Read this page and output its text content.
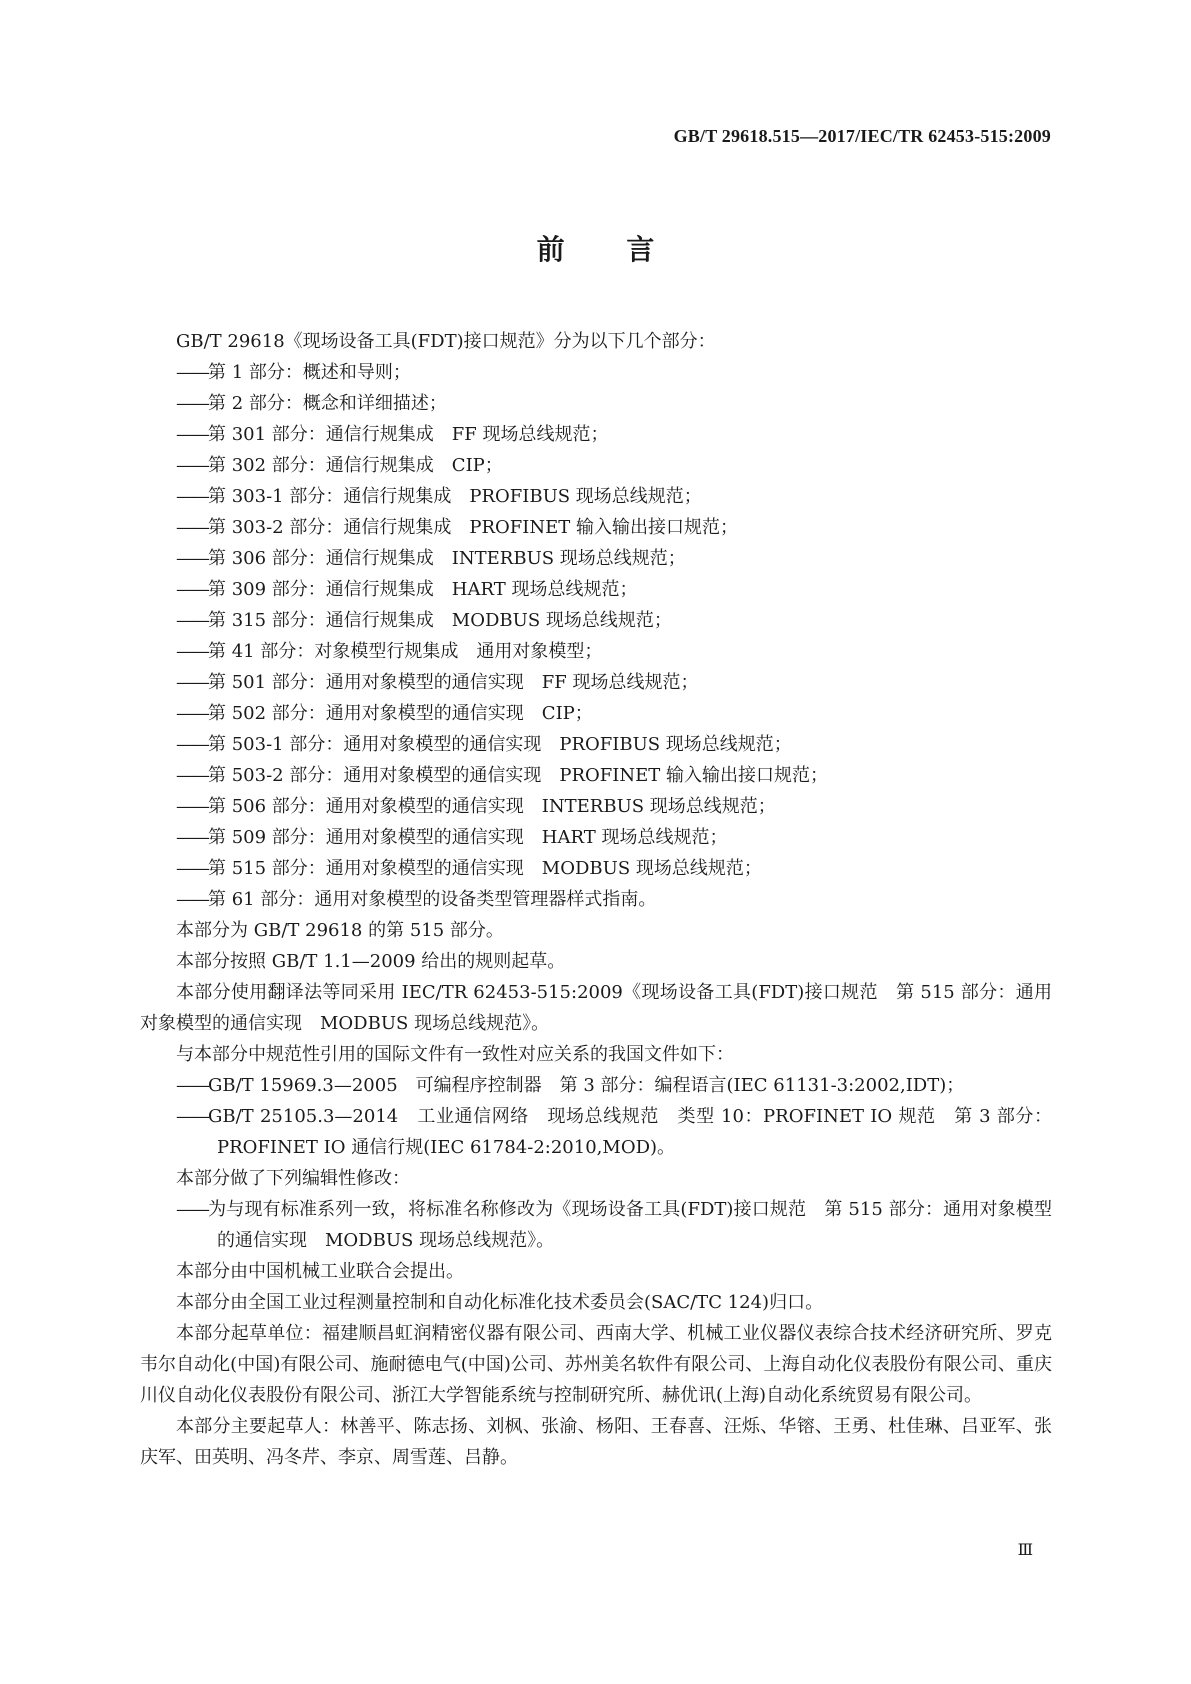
GB/T 29618.515—2017/IEC/TR 62453-515:2009
前 言
GB/T 29618《现场设备工具(FDT)接口规范》分为以下几个部分：
——第 1 部分：概述和导则；
——第 2 部分：概念和详细描述；
——第 301 部分：通信行规集成　FF 现场总线规范；
——第 302 部分：通信行规集成　CIP；
——第 303-1 部分：通信行规集成　PROFIBUS 现场总线规范；
——第 303-2 部分：通信行规集成　PROFINET 输入输出接口规范；
——第 306 部分：通信行规集成　INTERBUS 现场总线规范；
——第 309 部分：通信行规集成　HART 现场总线规范；
——第 315 部分：通信行规集成　MODBUS 现场总线规范；
——第 41 部分：对象模型行规集成　通用对象模型；
——第 501 部分：通用对象模型的通信实现　FF 现场总线规范；
——第 502 部分：通用对象模型的通信实现　CIP；
——第 503-1 部分：通用对象模型的通信实现　PROFIBUS 现场总线规范；
——第 503-2 部分：通用对象模型的通信实现　PROFINET 输入输出接口规范；
——第 506 部分：通用对象模型的通信实现　INTERBUS 现场总线规范；
——第 509 部分：通用对象模型的通信实现　HART 现场总线规范；
——第 515 部分：通用对象模型的通信实现　MODBUS 现场总线规范；
——第 61 部分：通用对象模型的设备类型管理器样式指南。
本部分为 GB/T 29618 的第 515 部分。
本部分按照 GB/T 1.1—2009 给出的规则起草。

本部分使用翻译法等同采用 IEC/TR 62453-515:2009《现场设备工具(FDT)接口规范　第 515 部分：通用对象模型的通信实现　MODBUS 现场总线规范》。

与本部分中规范性引用的国际文件有一致性对应关系的我国文件如下：

——GB/T 15969.3—2005　可编程序控制器　第 3 部分：编程语言(IEC 61131-3:2002,IDT)；

——GB/T 25105.3—2014　工业通信网络　现场总线规范　类型 10：PROFINET IO 规范　第 3 部分：PROFINET IO 通信行规(IEC 61784-2:2010,MOD)。

本部分做了下列编辑性修改：

——为与现有标准系列一致，将标准名称修改为《现场设备工具(FDT)接口规范　第 515 部分：通用对象模型的通信实现　MODBUS 现场总线规范》。

本部分由中国机械工业联合会提出。
本部分由全国工业过程测量控制和自动化标准化技术委员会(SAC/TC 124)归口。

本部分起草单位：福建顺昌虹润精密仪器有限公司、西南大学、机械工业仪器仪表综合技术经济研究所、罗克韦尔自动化(中国)有限公司、施耐德电气(中国)公司、苏州美名软件有限公司、上海自动化仪表股份有限公司、重庆川仪自动化仪表股份有限公司、浙江大学智能系统与控制研究所、赫优讯(上海)自动化系统贸易有限公司。

本部分主要起草人：林善平、陈志扬、刘枫、张渝、杨阳、王春喜、汪烁、华镕、王勇、杜佳琳、吕亚军、张庆军、田英明、冯冬芹、李京、周雪莲、吕静。

Ⅲ
